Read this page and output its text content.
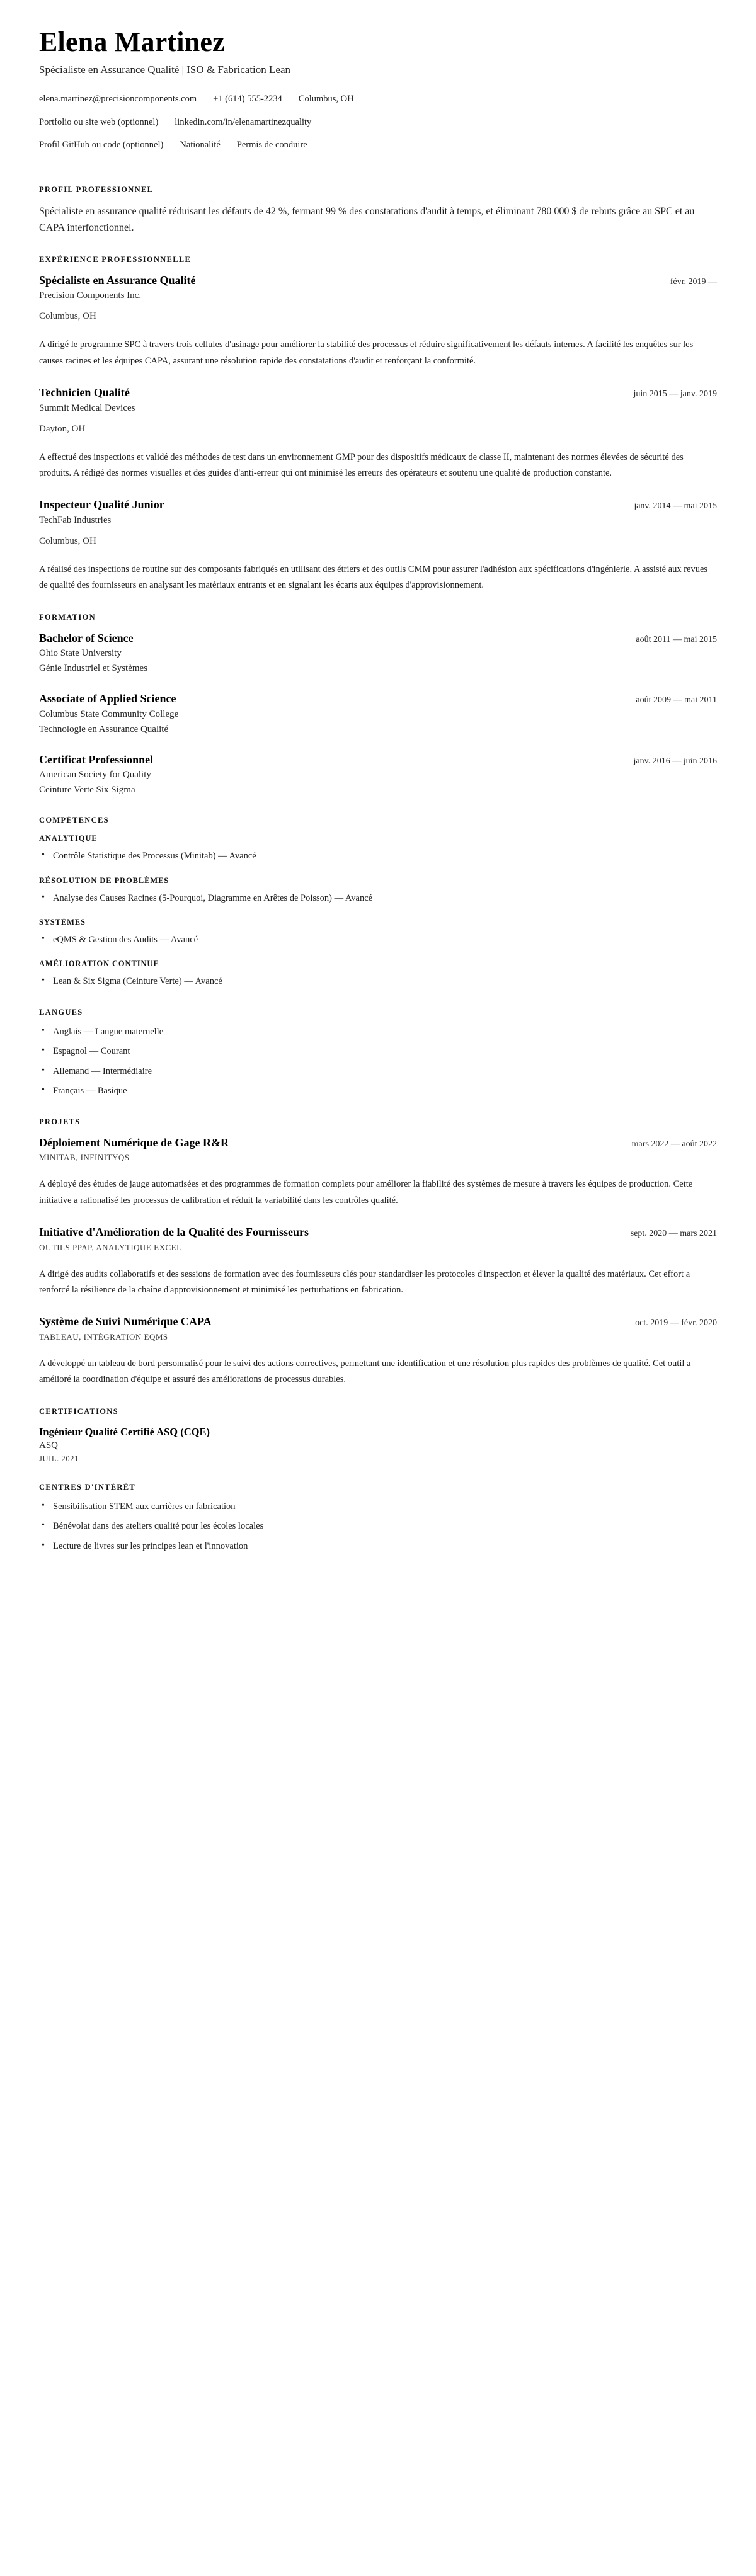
Elena Martinez
Spécialiste en Assurance Qualité | ISO & Fabrication Lean
elena.martinez@precisioncomponents.com +1 (614) 555-2234 Columbus, OH
Portfolio ou site web (optionnel) linkedin.com/in/elenamartinezquality
Profil GitHub ou code (optionnel) Nationalité Permis de conduire
PROFIL PROFESSIONNEL

Spécialiste en assurance qualité réduisant les défauts de 42 %, fermant 99 % des constatations d'audit à temps, et éliminant 780 000 $ de rebuts grâce au SPC et au CAPA interfonctionnel.

EXPÉRIENCE PROFESSIONNELLE
Spécialiste en Assurance Qualité	févr. 2019 —
Precision Components Inc.
Columbus, OH
A dirigé le programme SPC à travers trois cellules d'usinage pour améliorer la stabilité des processus et réduire significativement les défauts internes. A facilité les enquêtes sur les causes racines et les équipes CAPA, assurant une résolution rapide des constatations d'audit et renforçant la conformité.
Technicien Qualité	juin 2015 — janv. 2019
Summit Medical Devices
Dayton, OH
A effectué des inspections et validé des méthodes de test dans un environnement GMP pour des dispositifs médicaux de classe II, maintenant des normes élevées de sécurité des produits. A rédigé des normes visuelles et des guides d'anti-erreur qui ont minimisé les erreurs des opérateurs et soutenu une qualité de production constante.
Inspecteur Qualité Junior	janv. 2014 — mai 2015
TechFab Industries
Columbus, OH
A réalisé des inspections de routine sur des composants fabriqués en utilisant des étriers et des outils CMM pour assurer l'adhésion aux spécifications d'ingénierie. A assisté aux revues de qualité des fournisseurs en analysant les matériaux entrants et en signalant les écarts aux équipes d'approvisionnement.
FORMATION
Bachelor of Science	août 2011 — mai 2015
Ohio State University
Génie Industriel et Systèmes
Associate of Applied Science	août 2009 — mai 2011
Columbus State Community College
Technologie en Assurance Qualité
Certificat Professionnel	janv. 2016 — juin 2016
American Society for Quality
Ceinture Verte Six Sigma
COMPÉTENCES
ANALYTIQUE
• Contrôle Statistique des Processus (Minitab) — Avancé
RÉSOLUTION DE PROBLÈMES
• Analyse des Causes Racines (5-Pourquoi, Diagramme en Arêtes de Poisson) — Avancé
SYSTÈMES
• eQMS & Gestion des Audits — Avancé
AMÉLIORATION CONTINUE
• Lean & Six Sigma (Ceinture Verte) — Avancé
LANGUES
• Anglais — Langue maternelle
• Espagnol — Courant
• Allemand — Intermédiaire
• Français — Basique
PROJETS
Déploiement Numérique de Gage R&R	mars 2022 — août 2022
MINITAB, INFINITYQS
A déployé des études de jauge automatisées et des programmes de formation complets pour améliorer la fiabilité des systèmes de mesure à travers les équipes de production. Cette initiative a rationalisé les processus de calibration et réduit la variabilité dans les contrôles qualité.
Initiative d'Amélioration de la Qualité des Fournisseurs	sept. 2020 — mars 2021
OUTILS PPAP, ANALYTIQUE EXCEL
A dirigé des audits collaboratifs et des sessions de formation avec des fournisseurs clés pour standardiser les protocoles d'inspection et élever la qualité des matériaux. Cet effort a renforcé la résilience de la chaîne d'approvisionnement et minimisé les perturbations en fabrication.
Système de Suivi Numérique CAPA	oct. 2019 — févr. 2020
TABLEAU, INTÉGRATION EQMS
A développé un tableau de bord personnalisé pour le suivi des actions correctives, permettant une identification et une résolution plus rapides des problèmes de qualité. Cet outil a amélioré la coordination d'équipe et assuré des améliorations de processus durables.
CERTIFICATIONS
Ingénieur Qualité Certifié ASQ (CQE)
ASQ
JUIL. 2021
CENTRES D'INTÉRÊT
• Sensibilisation STEM aux carrières en fabrication
• Bénévolat dans des ateliers qualité pour les écoles locales
• Lecture de livres sur les principes lean et l'innovation
